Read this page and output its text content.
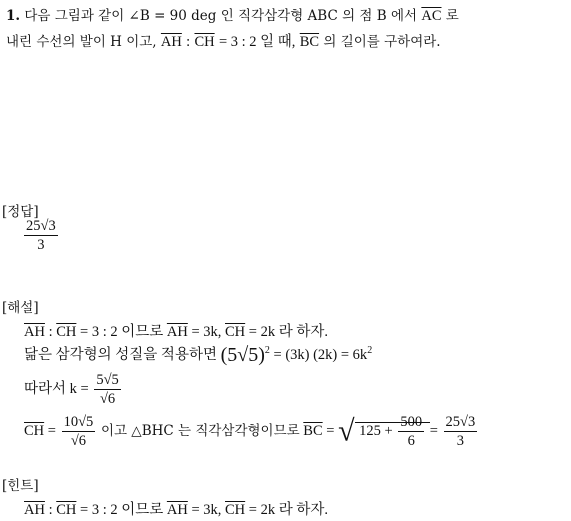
1. 다음 그림과 같이 ∠B = 90 deg 인 직각삼각형 ABC 의 점 B 에서 $\overline{AC}$ 로
내린 수선의 발이 H 이고, $\overline{AH}$ : $\overline{CH} = 3$ : 2 일 때, $\overline{BC}$ 의 길이를 구하여라.
[정답]
$\frac{25√3}{3}$
[해설]
$\overline{AH}$ : $\overline{CH} = 3$ : 2 이므로 $\overline{AH} = 3k$, $\overline{CH} = 2k$ 라 하자.
닮은 삼각형의 성질을 적용하면 $(5√5)^2 = (3k) (2k) = 6k^2$
따라서 $k = \frac{5√5}{√6}$
$\overline{CH} = \frac{10√5}{√6}$ 이고 △BHC 는 직각삼각형이므로 $\overline{BC}$ = √ $125 + \frac{500}{6} = \frac{25√3}{3}$
[힌트]
$\overline{AH}$ : $\overline{CH} = 3$ : 2 이므로 $\overline{AH} = 3k$, $\overline{CH} = 2k$ 라 하자.
